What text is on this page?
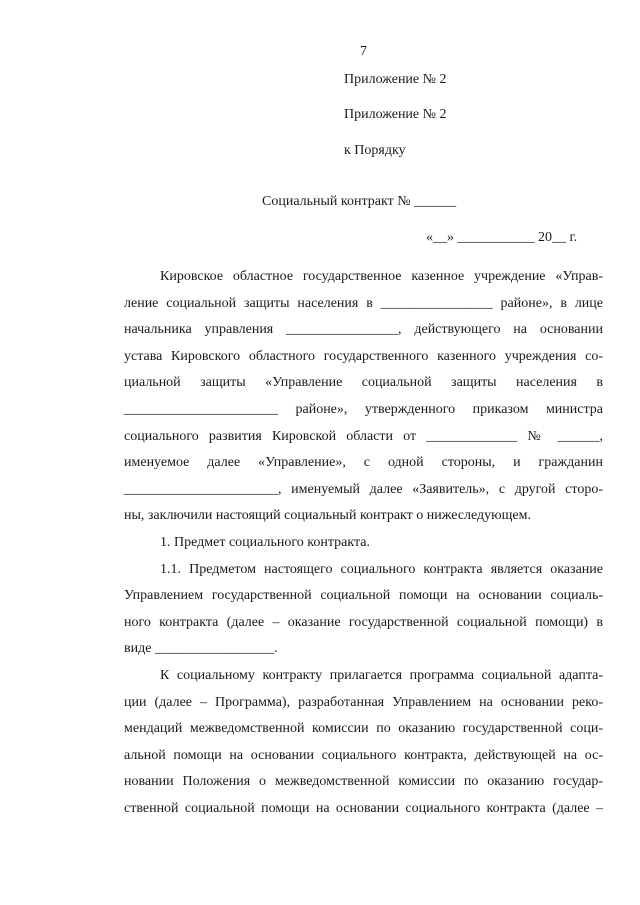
7
Приложение № 2
Приложение № 2
к Порядку
Социальный контракт № ______
«__» ___________ 20__ г.

Кировское областное государственное казенное учреждение «Управ-
ление социальной защиты населения в ________________ районе», в лице
начальника управления ________________, действующего на основании
устава Кировского областного государственного казенного учреждения со-
циальной защиты «Управление социальной защиты населения в
______________________ районе», утвержденного приказом министра
социального развития Кировской области от _____________ № ______,
именуемое далее «Управление», с одной стороны, и гражданин
______________________, именуемый далее «Заявитель», с другой сторо-
ны, заключили настоящий социальный контракт о нижеследующем.

1. Предмет социального контракта.

1.1. Предметом настоящего социального контракта является оказание
Управлением государственной социальной помощи на основании социаль-
ного контракта (далее – оказание государственной социальной помощи) в
виде _________________.

К социальному контракту прилагается программа социальной адапта-
ции (далее – Программа), разработанная Управлением на основании реко-
мендаций межведомственной комиссии по оказанию государственной соци-
альной помощи на основании социального контракта, действующей на ос-
новании Положения о межведомственной комиссии по оказанию государ-
ственной социальной помощи на основании социального контракта (далее –
